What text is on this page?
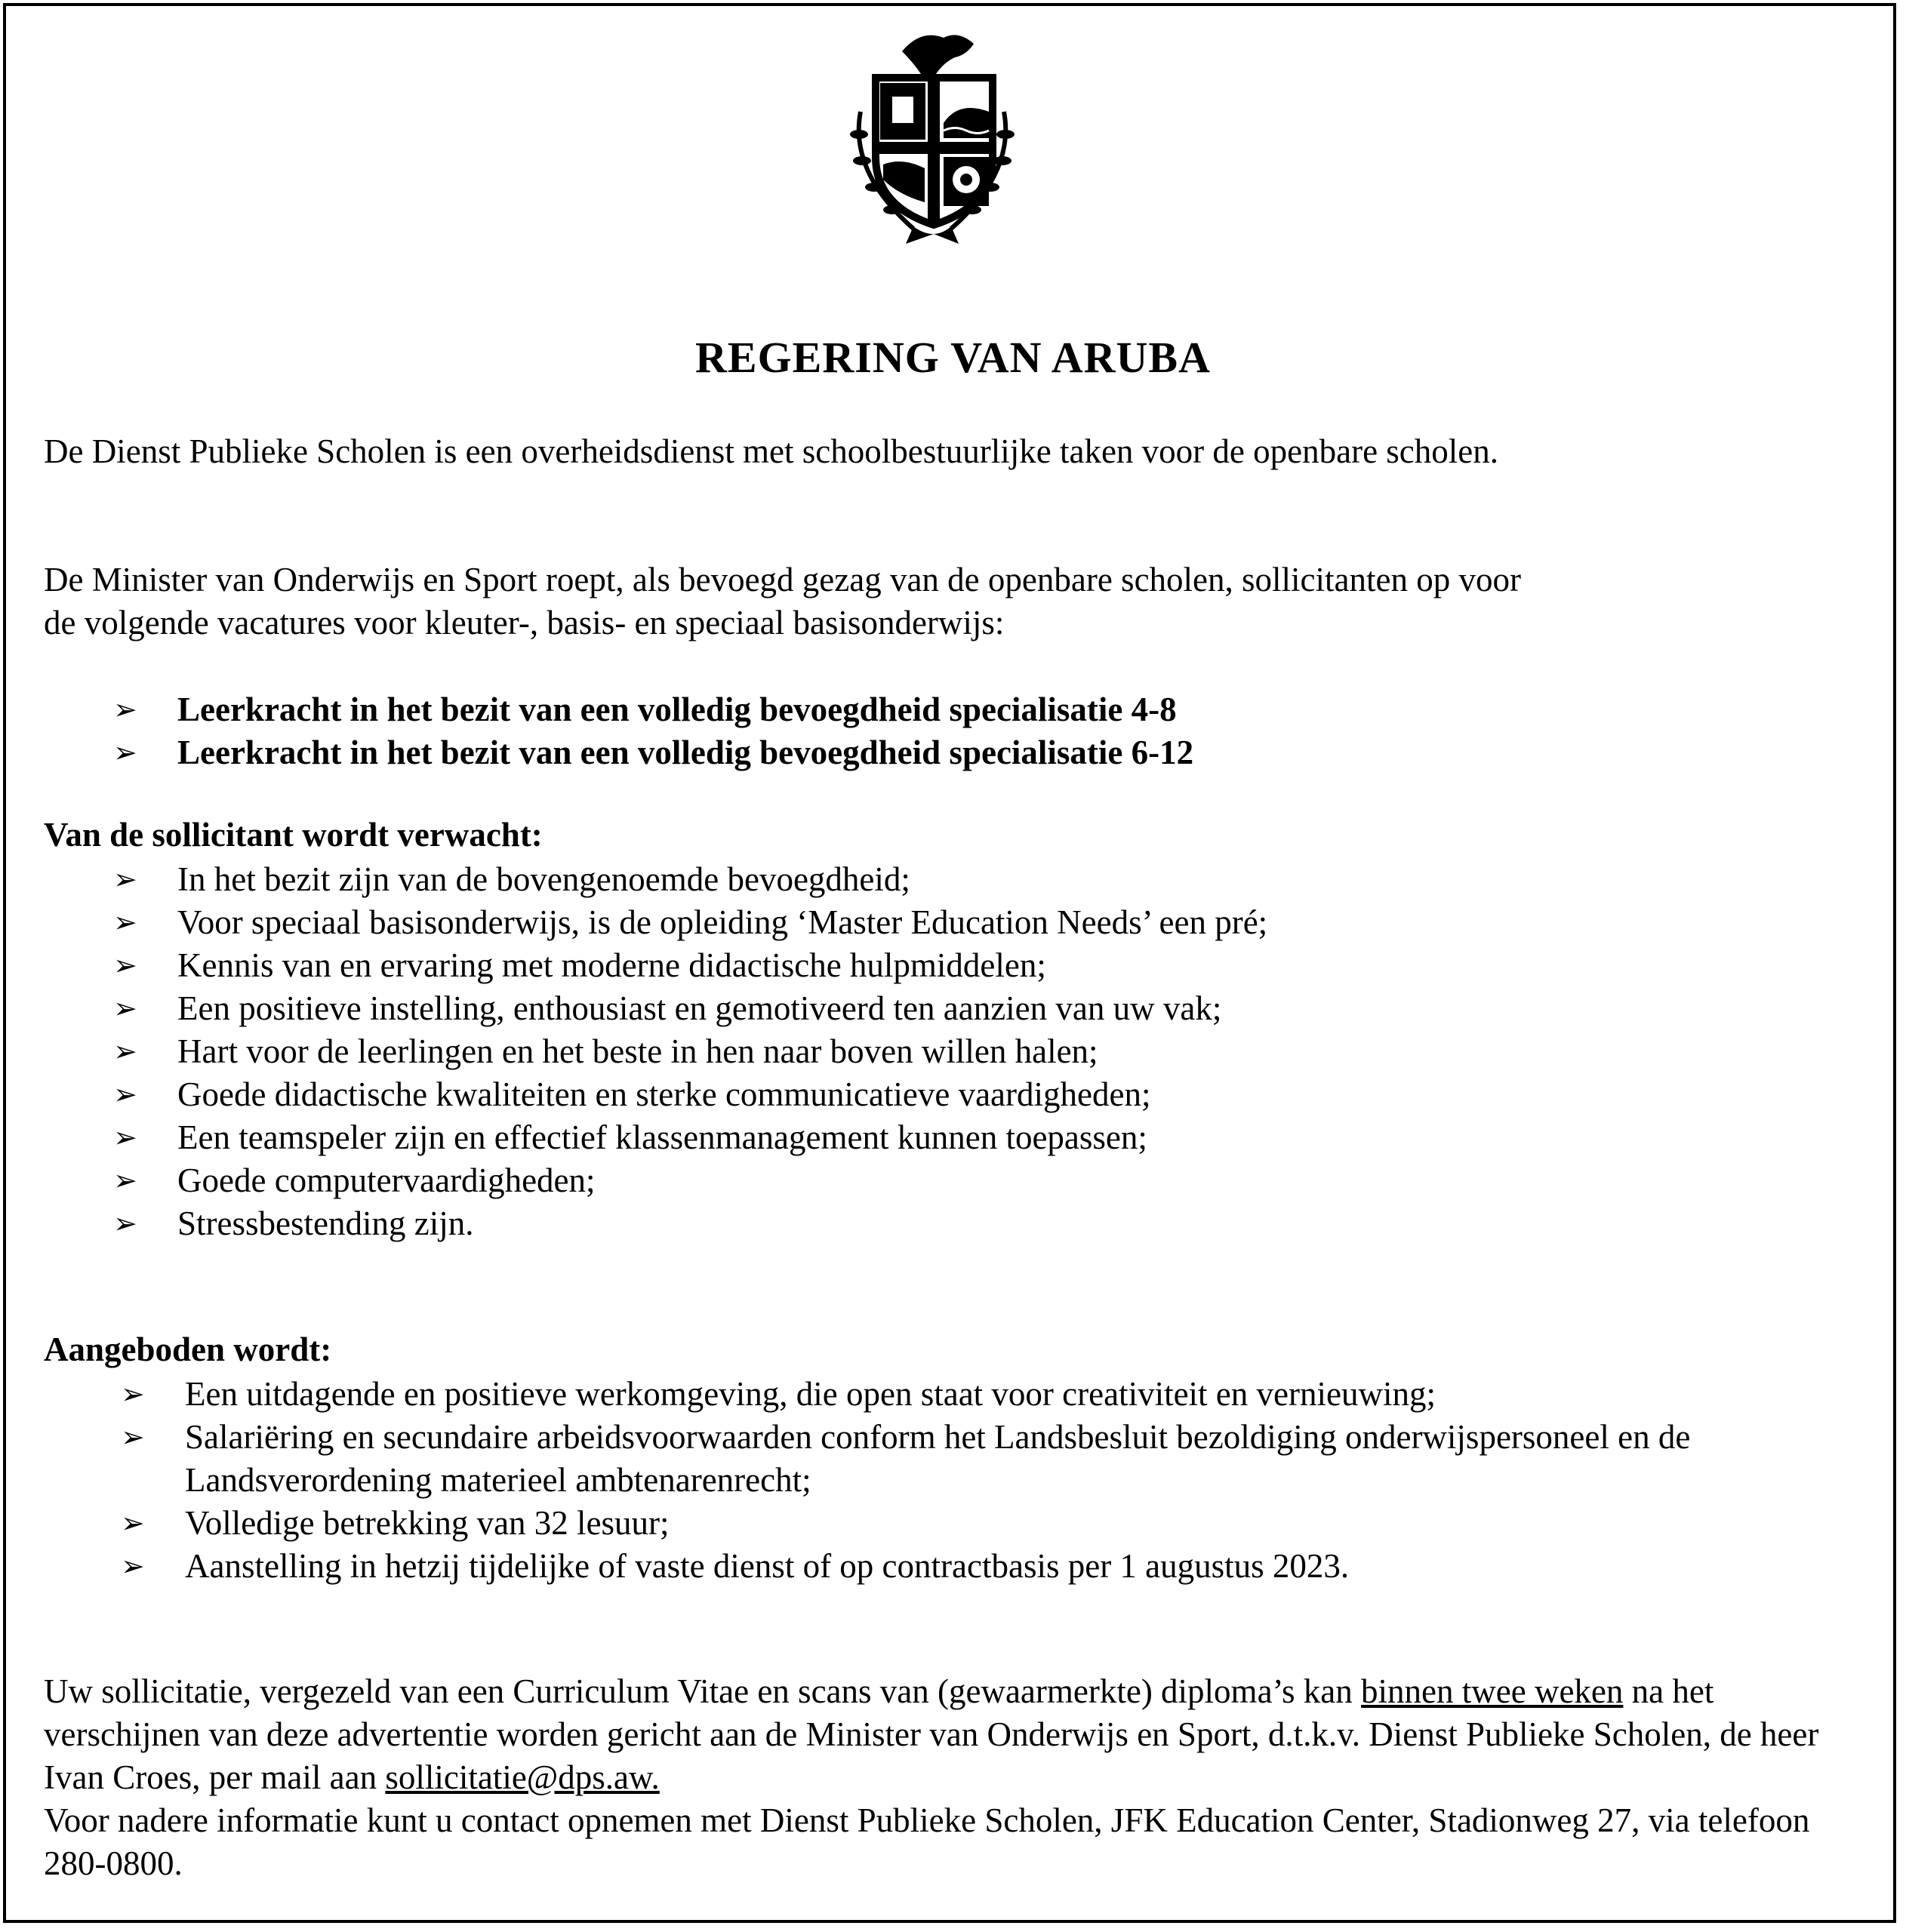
REGERING VAN ARUBA

De Dienst Publieke Scholen is een overheidsdienst met schoolbestuurlijke taken voor de openbare scholen.

De Minister van Onderwijs en Sport roept, als bevoegd gezag van de openbare scholen, sollicitanten op voor
de volgende vacatures voor kleuter-, basis- en speciaal basisonderwijs:

➢ Leerkracht in het bezit van een volledig bevoegdheid specialisatie 4-8
➢ Leerkracht in het bezit van een volledig bevoegdheid specialisatie 6-12

Van de sollicitant wordt verwacht:

➢ In het bezit zijn van de bovengenoemde bevoegdheid;
➢ Voor speciaal basisonderwijs, is de opleiding ‘Master Education Needs’ een pré;
➢ Kennis van en ervaring met moderne didactische hulpmiddelen;
➢ Een positieve instelling, enthousiast en gemotiveerd ten aanzien van uw vak;
➢ Hart voor de leerlingen en het beste in hen naar boven willen halen;
➢ Goede didactische kwaliteiten en sterke communicatieve vaardigheden;
➢ Een teamspeler zijn en effectief klassenmanagement kunnen toepassen;
➢ Goede computervaardigheden;
➢ Stressbestending zijn.

Aangeboden wordt:

➢ Een uitdagende en positieve werkomgeving, die open staat voor creativiteit en vernieuwing;
➢ Salariëring en secundaire arbeidsvoorwaarden conform het Landsbesluit bezoldiging onderwijspersoneel en de Landsverordening materieel ambtenarenrecht;
➢ Volledige betrekking van 32 lesuur;
➢ Aanstelling in hetzij tijdelijke of vaste dienst of op contractbasis per 1 augustus 2023.

Uw sollicitatie, vergezeld van een Curriculum Vitae en scans van (gewaarmerkte) diploma’s kan binnen twee weken na het verschijnen van deze advertentie worden gericht aan de Minister van Onderwijs en Sport, d.t.k.v. Dienst Publieke Scholen, de heer Ivan Croes, per mail aan sollicitatie@dps.aw.
Voor nadere informatie kunt u contact opnemen met Dienst Publieke Scholen, JFK Education Center, Stadionweg 27, via telefoon 280-0800.
